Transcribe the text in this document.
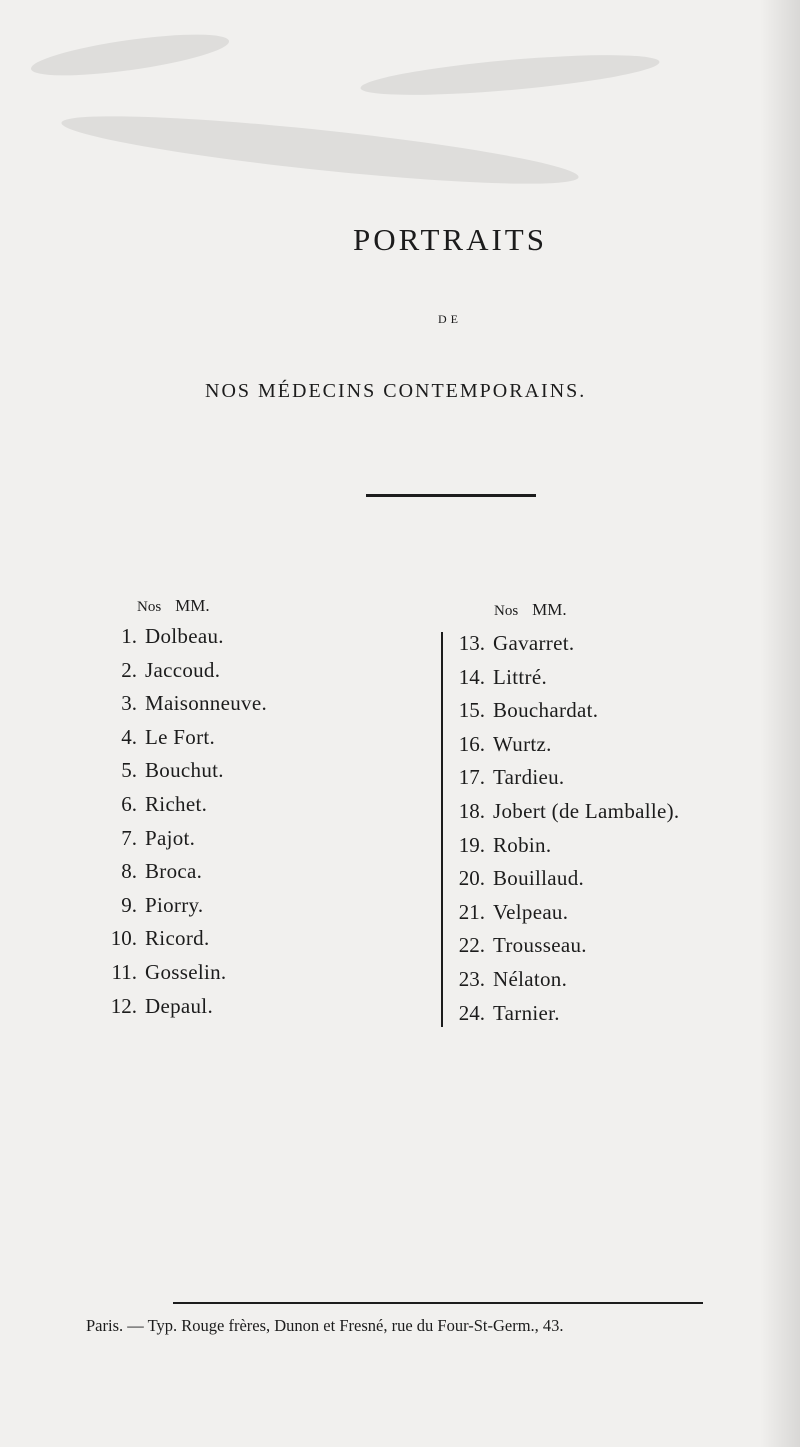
PORTRAITS
DE
NOS MÉDECINS CONTEMPORAINS.
Nos MM.
1. Dolbeau.
2. Jaccoud.
3. Maisonneuve.
4. Le Fort.
5. Bouchut.
6. Richet.
7. Pajot.
8. Broca.
9. Piorry.
10. Ricord.
11. Gosselin.
12. Depaul.
Nos MM.
13. Gavarret.
14. Littré.
15. Bouchardat.
16. Wurtz.
17. Tardieu.
18. Jobert (de Lamballe).
19. Robin.
20. Bouillaud.
21. Velpeau.
22. Trousseau.
23. Nélaton.
24. Tarnier.
Paris. — Typ. Rouge frères, Dunon et Fresné, rue du Four-St-Germ., 43.
